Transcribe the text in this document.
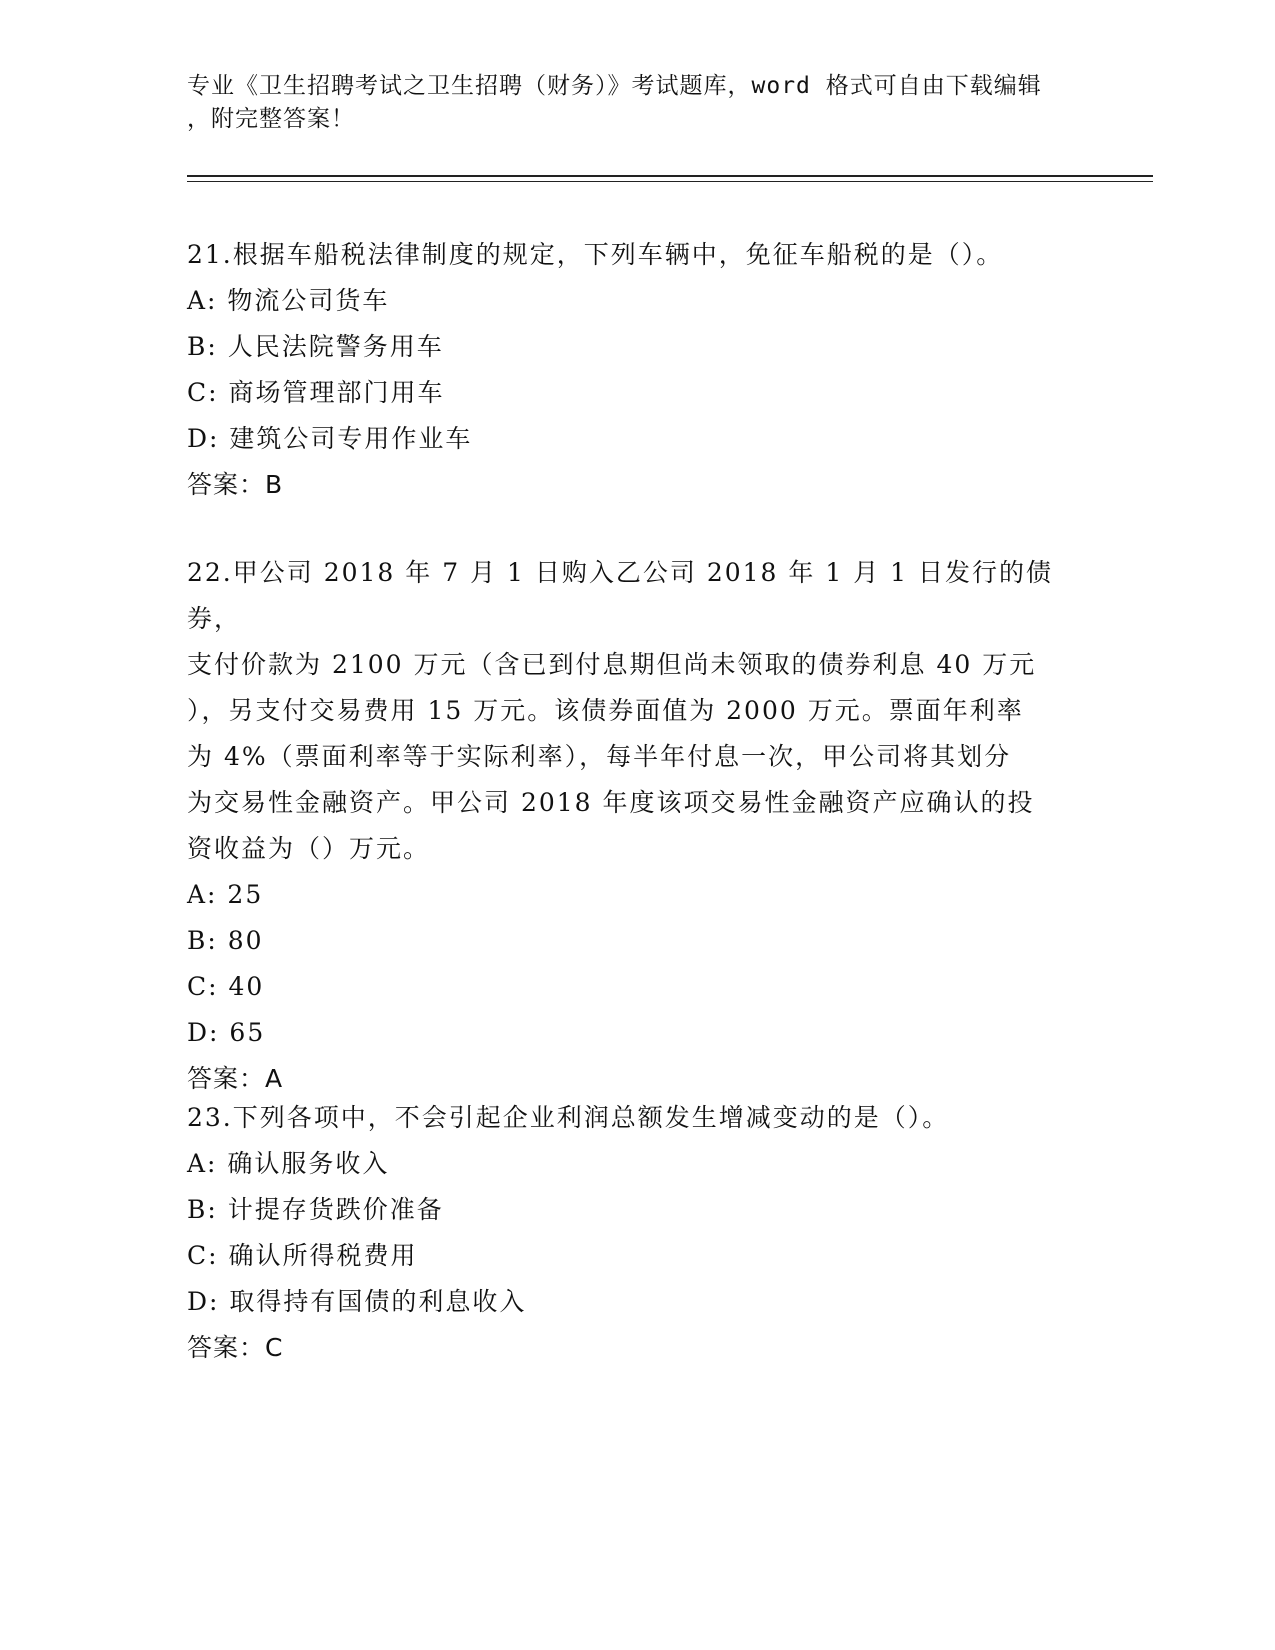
专业《卫生招聘考试之卫生招聘（财务）》考试题库，word 格式可自由下载编辑
，附完整答案！

21.根据车船税法律制度的规定，下列车辆中，免征车船税的是（）。

A: 物流公司货车

B: 人民法院警务用车

C: 商场管理部门用车

D: 建筑公司专用作业车

答案：B

22.甲公司 2018 年 7 月 1 日购入乙公司 2018 年 1 月 1 日发行的债券，

支付价款为 2100 万元（含已到付息期但尚未领取的债券利息 40 万元

），另支付交易费用 15 万元。该债券面值为 2000 万元。票面年利率

为 4%（票面利率等于实际利率），每半年付息一次，甲公司将其划分

为交易性金融资产。甲公司 2018 年度该项交易性金融资产应确认的投

资收益为（）万元。

A: 25

B: 80

C: 40

D: 65

答案：A

23.下列各项中，不会引起企业利润总额发生增减变动的是（）。

A: 确认服务收入

B: 计提存货跌价准备

C: 确认所得税费用

D: 取得持有国债的利息收入

答案：C
